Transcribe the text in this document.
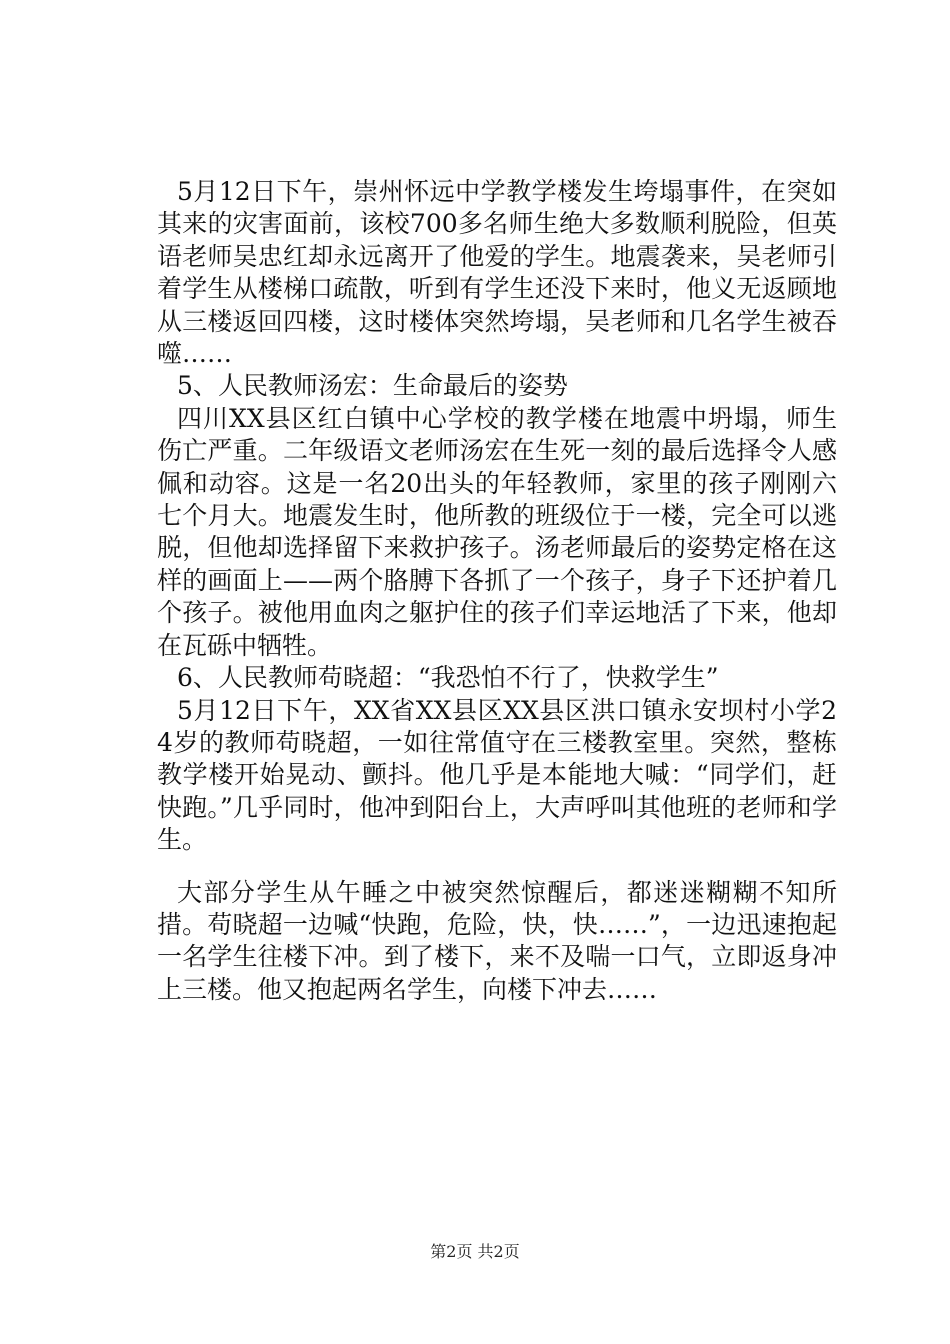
5月12日下午，崇州怀远中学教学楼发生垮塌事件，在突如其来的灾害面前，该校700多名师生绝大多数顺利脱险，但英语老师吴忠红却永远离开了他爱的学生。地震袭来，吴老师引着学生从楼梯口疏散，听到有学生还没下来时，他义无返顾地从三楼返回四楼，这时楼体突然垮塌，吴老师和几名学生被吞噬……

5、人民教师汤宏：生命最后的姿势

四川XX县区红白镇中心学校的教学楼在地震中坍塌，师生伤亡严重。二年级语文老师汤宏在生死一刻的最后选择令人感佩和动容。这是一名20出头的年轻教师，家里的孩子刚刚六七个月大。地震发生时，他所教的班级位于一楼，完全可以逃脱，但他却选择留下来救护孩子。汤老师最后的姿势定格在这样的画面上——两个胳膊下各抓了一个孩子，身子下还护着几个孩子。被他用血肉之躯护住的孩子们幸运地活了下来，他却在瓦砾中牺牲。

6、人民教师苟晓超：“我恐怕不行了，快救学生”

5月12日下午，XX省XX县区XX县区洪口镇永安坝村小学24岁的教师苟晓超，一如往常值守在三楼教室里。突然，整栋教学楼开始晃动、颤抖。他几乎是本能地大喊：“同学们，赶快跑。”几乎同时，他冲到阳台上，大声呼叫其他班的老师和学生。

大部分学生从午睡之中被突然惊醒后，都迷迷糊糊不知所措。苟晓超一边喊“快跑，危险，快，快……”，一边迅速抱起一名学生往楼下冲。到了楼下，来不及喘一口气，立即返身冲上三楼。他又抱起两名学生，向楼下冲去……

第2页 共2页
